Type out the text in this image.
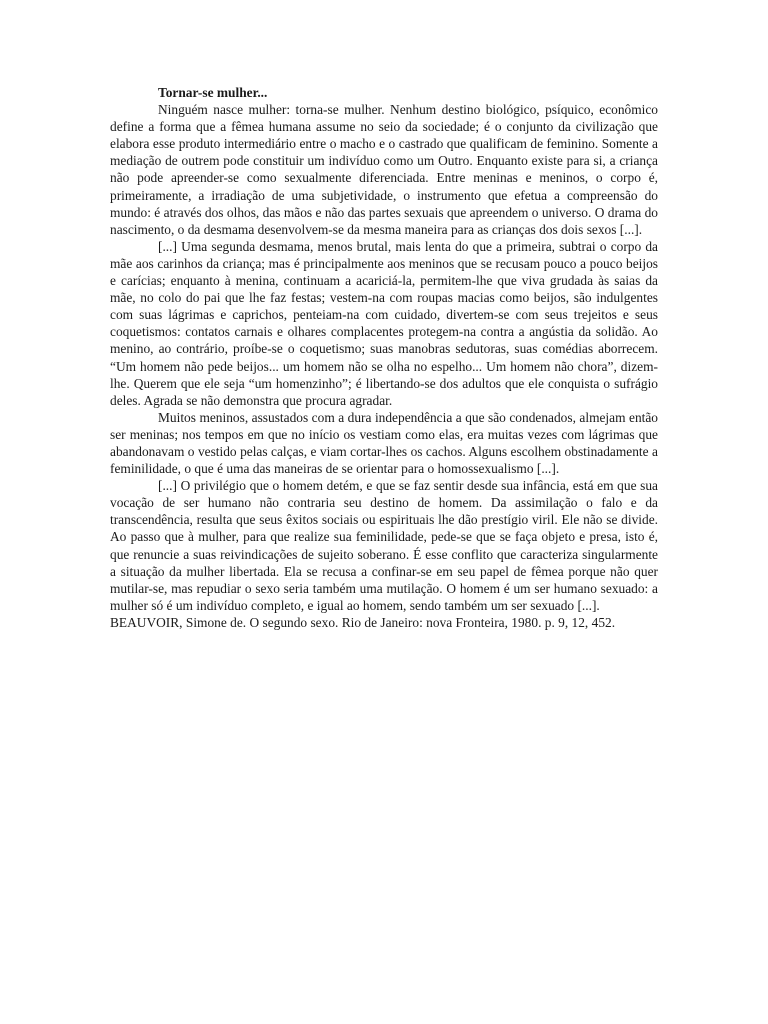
Tornar-se mulher...

Ninguém nasce mulher: torna-se mulher. Nenhum destino biológico, psíquico, econômico define a forma que a fêmea humana assume no seio da sociedade; é o conjunto da civilização que elabora esse produto intermediário entre o macho e o castrado que qualificam de feminino. Somente a mediação de outrem pode constituir um indivíduo como um Outro. Enquanto existe para si, a criança não pode apreender-se como sexualmente diferenciada. Entre meninas e meninos, o corpo é, primeiramente, a irradiação de uma subjetividade, o instrumento que efetua a compreensão do mundo: é através dos olhos, das mãos e não das partes sexuais que apreendem o universo. O drama do nascimento, o da desmama desenvolvem-se da mesma maneira para as crianças dos dois sexos [...].

[...] Uma segunda desmama, menos brutal, mais lenta do que a primeira, subtrai o corpo da mãe aos carinhos da criança; mas é principalmente aos meninos que se recusam pouco a pouco beijos e carícias; enquanto à menina, continuam a acariciá-la, permitem-lhe que viva grudada às saias da mãe, no colo do pai que lhe faz festas; vestem-na com roupas macias como beijos, são indulgentes com suas lágrimas e caprichos, penteiam-na com cuidado, divertem-se com seus trejeitos e seus coquetismos: contatos carnais e olhares complacentes protegem-na contra a angústia da solidão. Ao menino, ao contrário, proíbe-se o coquetismo; suas manobras sedutoras, suas comédias aborrecem. “Um homem não pede beijos... um homem não se olha no espelho... Um homem não chora”, dizem-lhe. Querem que ele seja “um homenzinho”; é libertando-se dos adultos que ele conquista o sufrágio deles. Agrada se não demonstra que procura agradar.

Muitos meninos, assustados com a dura independência a que são condenados, almejam então ser meninas; nos tempos em que no início os vestiam como elas, era muitas vezes com lágrimas que abandonavam o vestido pelas calças, e viam cortar-lhes os cachos. Alguns escolhem obstinadamente a feminilidade, o que é uma das maneiras de se orientar para o homossexualismo [...].

[...] O privilégio que o homem detém, e que se faz sentir desde sua infância, está em que sua vocação de ser humano não contraria seu destino de homem. Da assimilação o falo e da transcendência, resulta que seus êxitos sociais ou espirituais lhe dão prestígio viril. Ele não se divide. Ao passo que à mulher, para que realize sua feminilidade, pede-se que se faça objeto e presa, isto é, que renuncie a suas reivindicações de sujeito soberano. É esse conflito que caracteriza singularmente a situação da mulher libertada. Ela se recusa a confinar-se em seu papel de fêmea porque não quer mutilar-se, mas repudiar o sexo seria também uma mutilação. O homem é um ser humano sexuado: a mulher só é um indivíduo completo, e igual ao homem, sendo também um ser sexuado [...].

BEAUVOIR, Simone de. O segundo sexo. Rio de Janeiro: nova Fronteira, 1980. p. 9, 12, 452.
